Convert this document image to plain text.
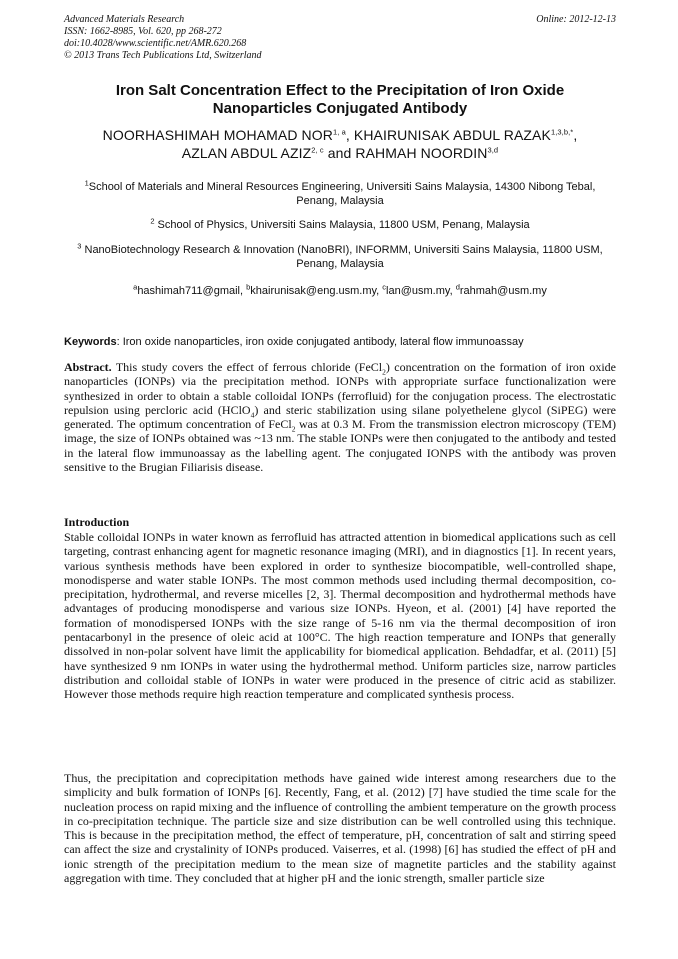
Advanced Materials Research
ISSN: 1662-8985, Vol. 620, pp 268-272
doi:10.4028/www.scientific.net/AMR.620.268
© 2013 Trans Tech Publications Ltd, Switzerland
Online: 2012-12-13
Iron Salt Concentration Effect to the Precipitation of Iron Oxide
Nanoparticles Conjugated Antibody
NOORHASHIMAH MOHAMAD NOR$^{1, a}$, KHAIRUNISAK ABDUL $RAZAK^{1,3,b,*}$,
AZLAN ABDUL AZIZ$^{2, c}$ and RAHMAH NOORDIN$^{3,d}$
$^1$School of Materials and Mineral Resources Engineering, Universiti Sains Malaysia, 14300 Nibong Tebal, Penang, Malaysia
$^2$ School of Physics, Universiti Sains Malaysia, 11800 USM, Penang, Malaysia
$^3$ NanoBiotechnology Research & Innovation (NanoBRI), INFORMM, Universiti Sains Malaysia, 11800 USM, Penang, Malaysia
$^a$hashimah711@gmail, $^b$khairunisak@eng.usm.my, $^c$lan@usm.my, $^d$rahmah@usm.my
Keywords: Iron oxide nanoparticles, iron oxide conjugated antibody, lateral flow immunoassay
Abstract. This study covers the effect of ferrous chloride (FeCl$_2$) concentration on the formation of iron oxide nanoparticles (IONPs) via the precipitation method. IONPs with appropriate surface functionalization were synthesized in order to obtain a stable colloidal IONPs (ferrofluid) for the conjugation process. The electrostatic repulsion using percloric acid (HClO$_4$) and steric stabilization using silane polyethelene glycol (SiPEG) were generated. The optimum concentration of FeCl$_2$ was at 0.3 M. From the transmission electron microscopy (TEM) image, the size of IONPs obtained was ~13 nm. The stable IONPs were then conjugated to the antibody and tested in the lateral flow immunoassay as the labelling agent. The conjugated IONPS with the antibody was proven sensitive to the Brugian Filiarisis disease.
Introduction
Stable colloidal IONPs in water known as ferrofluid has attracted attention in biomedical applications such as cell targeting, contrast enhancing agent for magnetic resonance imaging (MRI), and in diagnostics [1]. In recent years, various synthesis methods have been explored in order to synthesize biocompatible, well-controlled shape, monodisperse and water stable IONPs. The most common methods used including thermal decomposition, co-precipitation, hydrothermal, and reverse micelles [2, 3]. Thermal decomposition and hydrothermal methods have advantages of producing monodisperse and various size IONPs. Hyeon, et al. (2001) [4] have reported the formation of monodispersed IONPs with the size range of 5-16 nm via the thermal decomposition of iron pentacarbonyl in the presence of oleic acid at 100°C. The high reaction temperature and IONPs that generally dissolved in non-polar solvent have limit the applicability for biomedical application. Behdadfar, et al. (2011) [5] have synthesized 9 nm IONPs in water using the hydrothermal method. Uniform particles size, narrow particles distribution and colloidal stable of IONPs in water were produced in the presence of citric acid as stabilizer. However those methods require high reaction temperature and complicated synthesis process.
Thus, the precipitation and coprecipitation methods have gained wide interest among researchers due to the simplicity and bulk formation of IONPs [6]. Recently, Fang, et al. (2012) [7] have studied the time scale for the nucleation process on rapid mixing and the influence of controlling the ambient temperature on the growth process in co-precipitation technique. The particle size and size distribution can be well controlled using this technique. This is because in the precipitation method, the effect of temperature, pH, concentration of salt and stirring speed can affect the size and crystalinity of IONPs produced. Vaiserres, et al. (1998) [6] has studied the effect of pH and ionic strength of the precipitation medium to the mean size of magnetite particles and the stability against aggregation with time. They concluded that at higher pH and the ionic strength, smaller particle size
